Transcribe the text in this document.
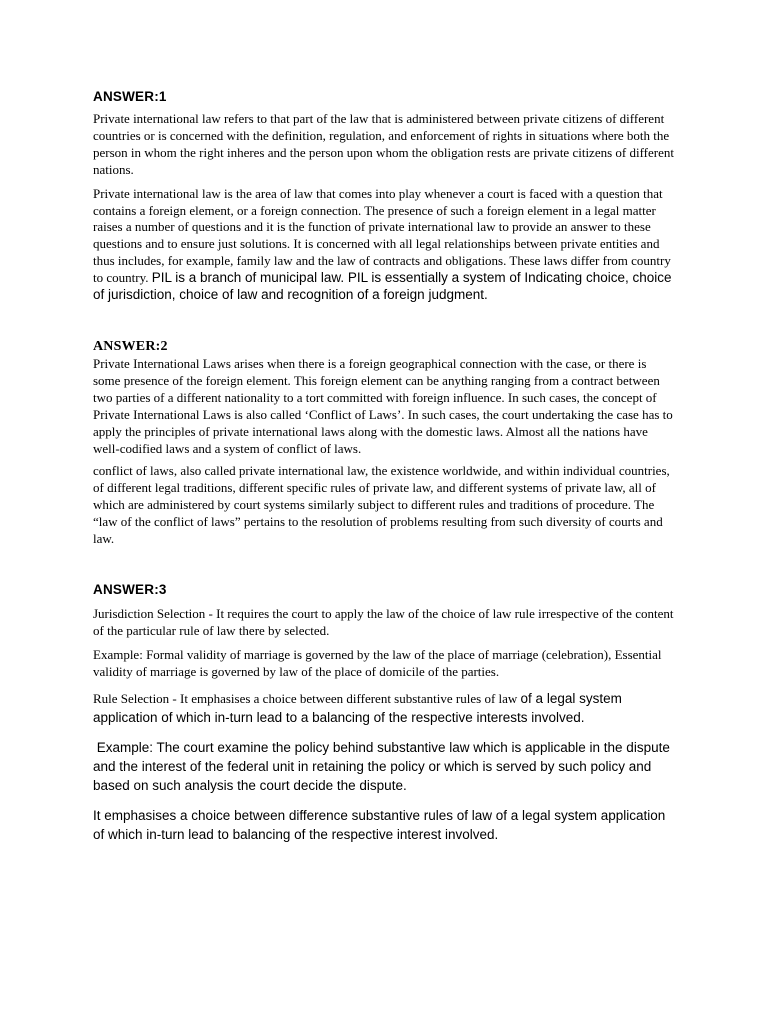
ANSWER:1

Private international law refers to that part of the law that is administered between private citizens of different countries or is concerned with the definition, regulation, and enforcement of rights in situations where both the person in whom the right inheres and the person upon whom the obligation rests are private citizens of different nations.

Private international law is the area of law that comes into play whenever a court is faced with a question that contains a foreign element, or a foreign connection. The presence of such a foreign element in a legal matter raises a number of questions and it is the function of private international law to provide an answer to these questions and to ensure just solutions. It is concerned with all legal relationships between private entities and thus includes, for example, family law and the law of contracts and obligations. These laws differ from country to country. PIL is a branch of municipal law. PIL is essentially a system of Indicating choice, choice of jurisdiction, choice of law and recognition of a foreign judgment.

ANSWER:2

Private International Laws arises when there is a foreign geographical connection with the case, or there is some presence of the foreign element. This foreign element can be anything ranging from a contract between two parties of a different nationality to a tort committed with foreign influence. In such cases, the concept of Private International Laws is also called ‘Conflict of Laws’. In such cases, the court undertaking the case has to apply the principles of private international laws along with the domestic laws. Almost all the nations have well-codified laws and a system of conflict of laws.

conflict of laws, also called private international law, the existence worldwide, and within individual countries, of different legal traditions, different specific rules of private law, and different systems of private law, all of which are administered by court systems similarly subject to different rules and traditions of procedure. The “law of the conflict of laws” pertains to the resolution of problems resulting from such diversity of courts and law.

ANSWER:3

Jurisdiction Selection - It requires the court to apply the law of the choice of law rule irrespective of the content of the particular rule of law there by selected.

Example: Formal validity of marriage is governed by the law of the place of marriage (celebration), Essential validity of marriage is governed by law of the place of domicile of the parties.

Rule Selection - It emphasises a choice between different substantive rules of law of a legal system application of which in-turn lead to a balancing of the respective interests involved.

Example: The court examine the policy behind substantive law which is applicable in the dispute and the interest of the federal unit in retaining the policy or which is served by such policy and based on such analysis the court decide the dispute.

It emphasises a choice between difference substantive rules of law of a legal system application of which in-turn lead to balancing of the respective interest involved.
